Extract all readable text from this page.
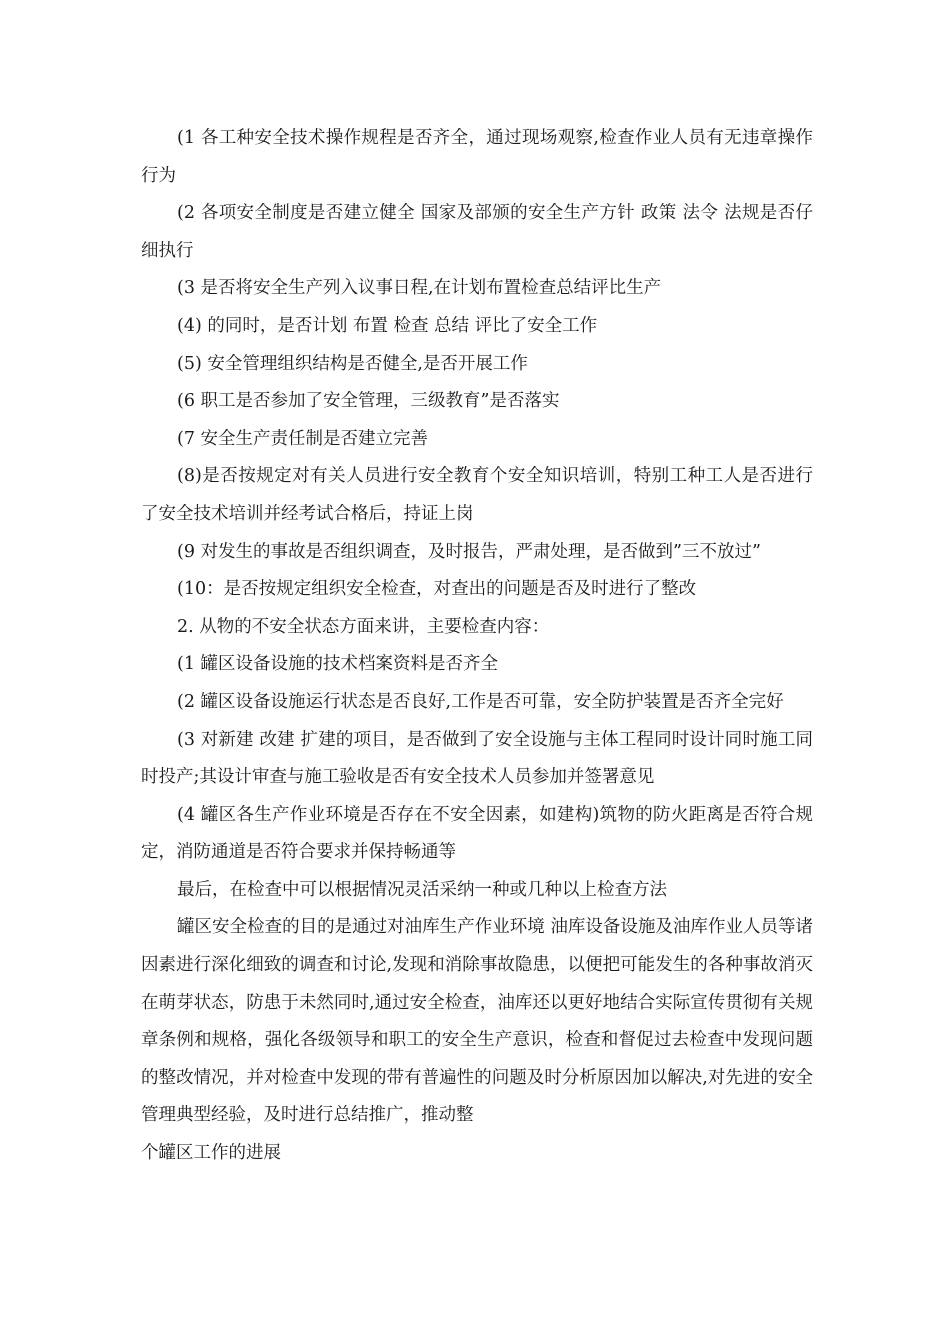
(1 各工种安全技术操作规程是否齐全，通过现场观察,检查作业人员有无违章操作行为

(2 各项安全制度是否建立健全 国家及部颁的安全生产方针 政策 法令 法规是否仔细执行

(3 是否将安全生产列入议事日程,在计划布置检查总结评比生产

(4) 的同时，是否计划 布置 检查 总结 评比了安全工作

(5) 安全管理组织结构是否健全,是否开展工作

(6 职工是否参加了安全管理，三级教育”是否落实

(7 安全生产责任制是否建立完善

(8)是否按规定对有关人员进行安全教育个安全知识培训，特别工种工人是否进行了安全技术培训并经考试合格后，持证上岗

(9 对发生的事故是否组织调查，及时报告，严肃处理，是否做到”三不放过”

(10：是否按规定组织安全检查，对查出的问题是否及时进行了整改

2. 从物的不安全状态方面来讲，主要检查内容：

(1 罐区设备设施的技术档案资料是否齐全

(2 罐区设备设施运行状态是否良好,工作是否可靠，安全防护装置是否齐全完好

(3 对新建 改建 扩建的项目，是否做到了安全设施与主体工程同时设计同时施工同时投产;其设计审查与施工验收是否有安全技术人员参加并签署意见

(4 罐区各生产作业环境是否存在不安全因素，如建构)筑物的防火距离是否符合规定，消防通道是否符合要求并保持畅通等

最后，在检查中可以根据情况灵活采纳一种或几种以上检查方法

罐区安全检查的目的是通过对油库生产作业环境 油库设备设施及油库作业人员等诸因素进行深化细致的调查和讨论,发现和消除事故隐患，以便把可能发生的各种事故消灭在萌芽状态，防患于未然同时,通过安全检查，油库还以更好地结合实际宣传贯彻有关规章条例和规格，强化各级领导和职工的安全生产意识，检查和督促过去检查中发现问题的整改情况，并对检查中发现的带有普遍性的问题及时分析原因加以解决,对先进的安全管理典型经验，及时进行总结推广，推动整

个罐区工作的进展
